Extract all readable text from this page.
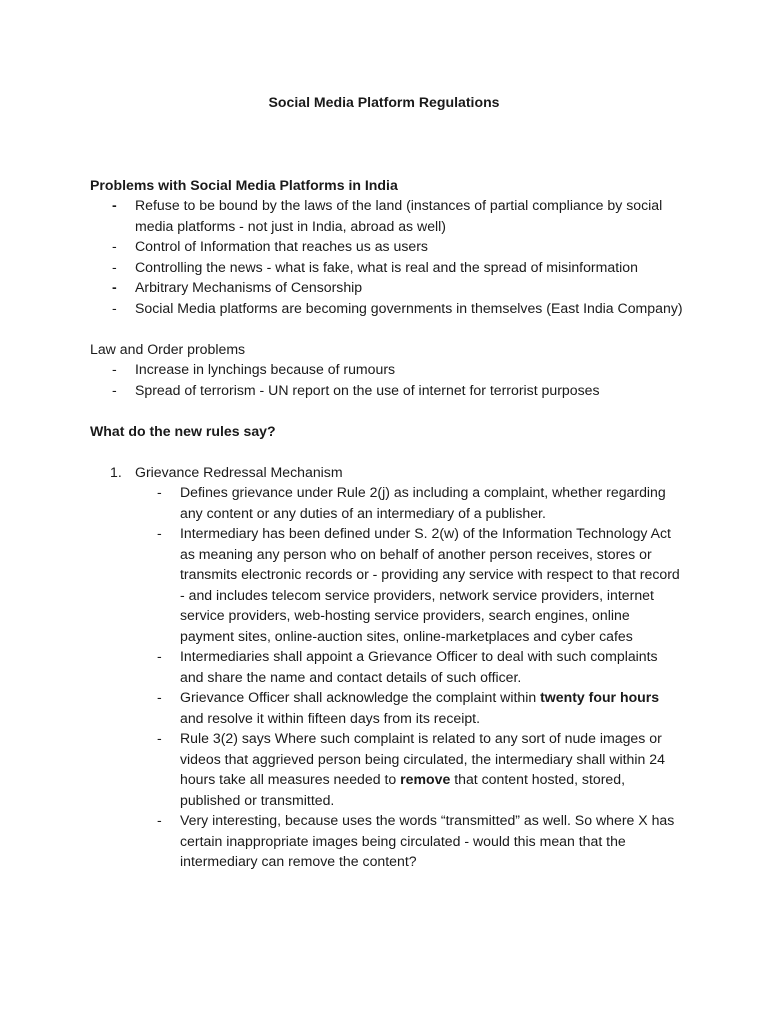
Social Media Platform Regulations

Problems with Social Media Platforms in India

- Refuse to be bound by the laws of the land (instances of partial compliance by social media platforms - not just in India, abroad as well)
- Control of Information that reaches us as users
- Controlling the news - what is fake, what is real and the spread of misinformation
- Arbitrary Mechanisms of Censorship
- Social Media platforms are becoming governments in themselves (East India Company)

Law and Order problems

- Increase in lynchings because of rumours
- Spread of terrorism - UN report on the use of internet for terrorist purposes

What do the new rules say?

1. Grievance Redressal Mechanism
- Defines grievance under Rule 2(j) as including a complaint, whether regarding any content or any duties of an intermediary of a publisher.
- Intermediary has been defined under S. 2(w) of the Information Technology Act as meaning any person who on behalf of another person receives, stores or transmits electronic records or - providing any service with respect to that record - and includes telecom service providers, network service providers, internet service providers, web-hosting service providers, search engines, online payment sites, online-auction sites, online-marketplaces and cyber cafes
- Intermediaries shall appoint a Grievance Officer to deal with such complaints and share the name and contact details of such officer.
- Grievance Officer shall acknowledge the complaint within twenty four hours and resolve it within fifteen days from its receipt.
- Rule 3(2) says Where such complaint is related to any sort of nude images or videos that aggrieved person being circulated, the intermediary shall within 24 hours take all measures needed to remove that content hosted, stored, published or transmitted.
- Very interesting, because uses the words “transmitted” as well. So where X has certain inappropriate images being circulated - would this mean that the intermediary can remove the content?
